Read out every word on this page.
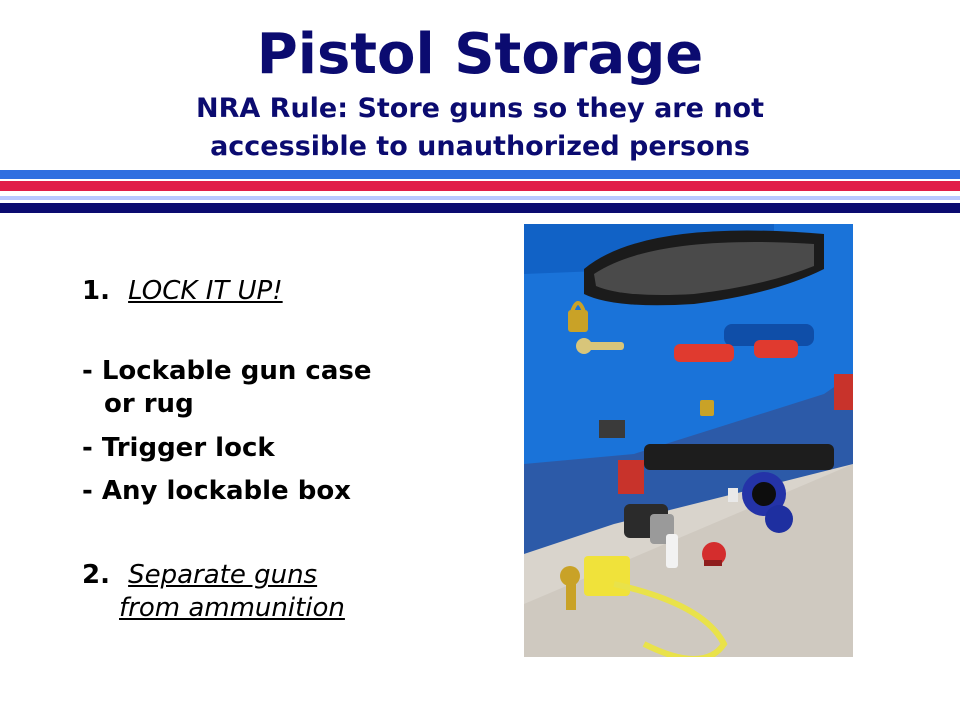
Pistol Storage
NRA Rule: Store guns so they are not
accessible to unauthorized persons
1. LOCK IT UP!
- Lockable gun case
or rug
- Trigger lock
- Any lockable box
2. Separate guns
from ammunition
